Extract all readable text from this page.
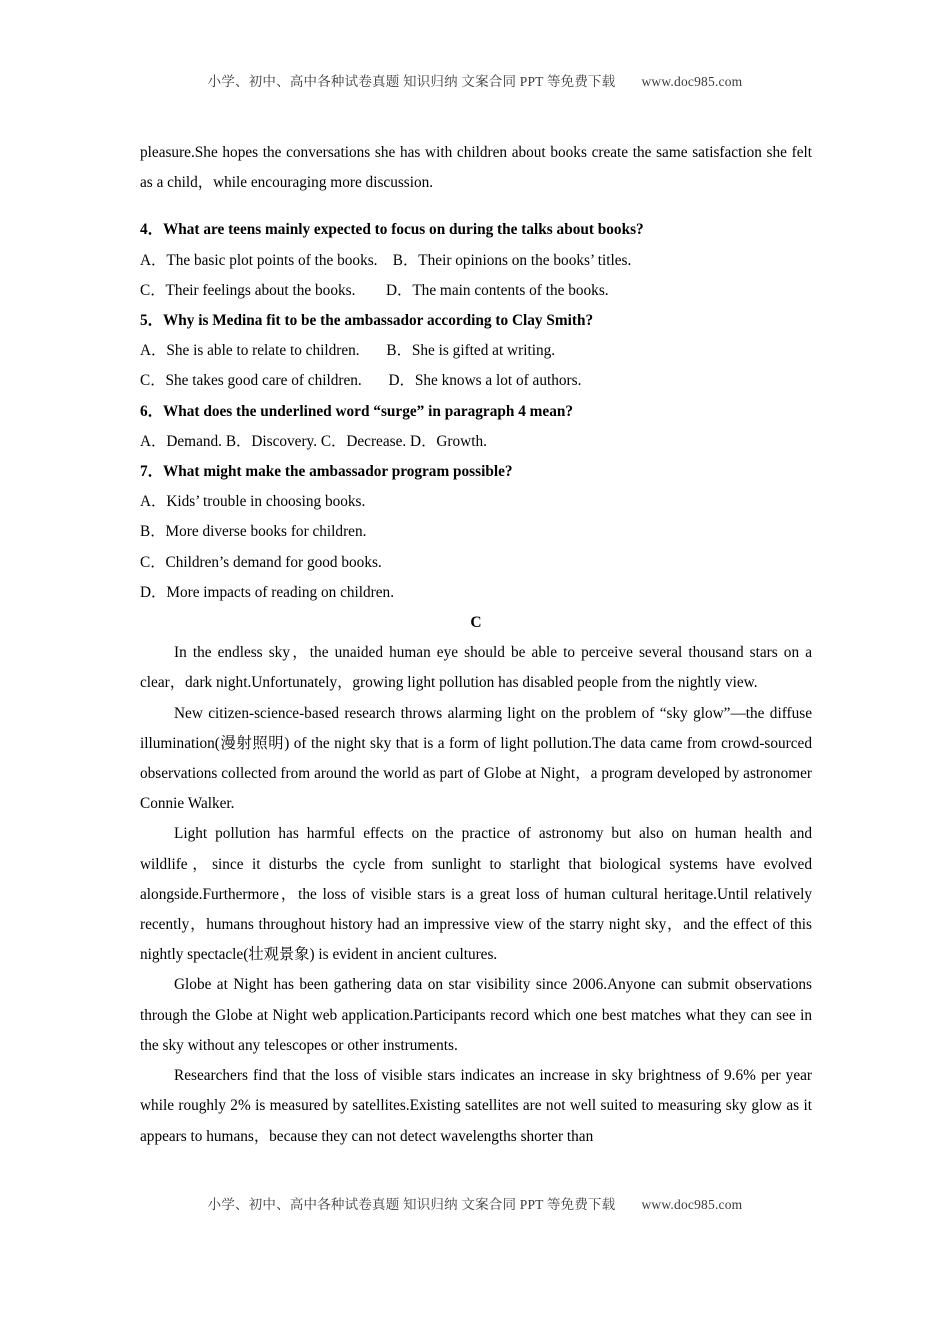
小学、初中、高中各种试卷真题 知识归纳 文案合同 PPT 等免费下载 www.doc985.com

pleasure.She hopes the conversations she has with children about books create the same satisfaction she felt as a child，while encouraging more discussion.

4．What are teens mainly expected to focus on during the talks about books?

A．The basic plot points of the books.    B．Their opinions on the books’ titles.

C．Their feelings about the books.        D．The main contents of the books.

5．Why is Medina fit to be the ambassador according to Clay Smith?

A．She is able to relate to children.       B．She is gifted at writing.

C．She takes good care of children.       D．She knows a lot of authors.

6．What does the underlined word “surge” in paragraph 4 mean?

A．Demand. B．Discovery. C．Decrease. D．Growth.

7．What might make the ambassador program possible?

A．Kids’ trouble in choosing books.

B．More diverse books for children.

C．Children’s demand for good books.

D．More impacts of reading on children.

C

In the endless sky，the unaided human eye should be able to perceive several thousand stars on a clear，dark night.Unfortunately，growing light pollution has disabled people from the nightly view.

New citizen-science-based research throws alarming light on the problem of “sky glow”—the diffuse illumination(漫射照明) of the night sky that is a form of light pollution.The data came from crowd-sourced observations collected from around the world as part of Globe at Night，a program developed by astronomer Connie Walker.

Light pollution has harmful effects on the practice of astronomy but also on human health and wildlife，since it disturbs the cycle from sunlight to starlight that biological systems have evolved alongside.Furthermore，the loss of visible stars is a great loss of human cultural heritage.Until relatively recently，humans throughout history had an impressive view of the starry night sky，and the effect of this nightly spectacle(壮观景象) is evident in ancient cultures.

Globe at Night has been gathering data on star visibility since 2006.Anyone can submit observations through the Globe at Night web application.Participants record which one best matches what they can see in the sky without any telescopes or other instruments.

Researchers find that the loss of visible stars indicates an increase in sky brightness of 9.6% per year while roughly 2% is measured by satellites.Existing satellites are not well suited to measuring sky glow as it appears to humans，because they can not detect wavelengths shorter than

小学、初中、高中各种试卷真题 知识归纳 文案合同 PPT 等免费下载 www.doc985.com
